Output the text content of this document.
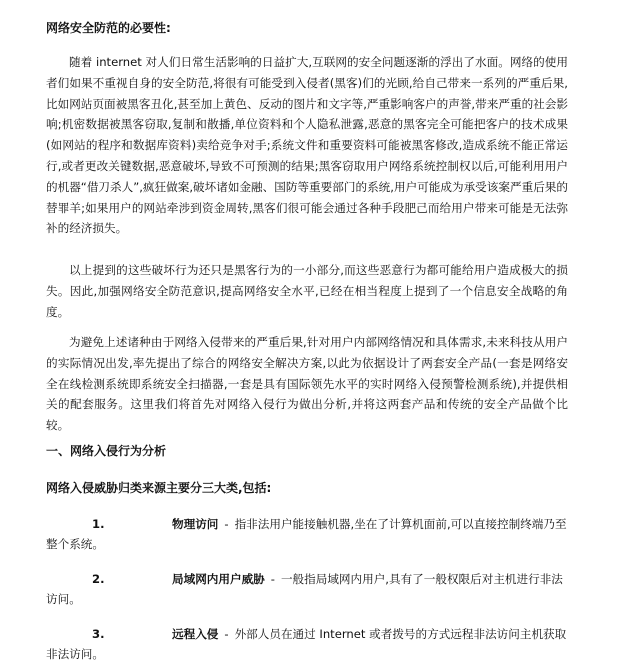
网络安全防范的必要性:

随着 internet 对人们日常生活影响的日益扩大,互联网的安全问题逐渐的浮出了水面。网络的使用者们如果不重视自身的安全防范,将很有可能受到入侵者(黑客)们的光顾,给自己带来一系列的严重后果,比如网站页面被黑客丑化,甚至加上黄色、反动的图片和文字等,严重影响客户的声誉,带来严重的社会影响;机密数据被黑客窃取,复制和散播,单位资料和个人隐私泄露,恶意的黑客完全可能把客户的技术成果(如网站的程序和数据库资料)卖给竞争对手;系统文件和重要资料可能被黑客修改,造成系统不能正常运行,或者更改关键数据,恶意破坏,导致不可预测的结果;黑客窃取用户网络系统控制权以后,可能利用用户的机器“借刀杀人”,疯狂做案,破坏诸如金融、国防等重要部门的系统,用户可能成为承受该案严重后果的替罪羊;如果用户的网站牵涉到资金周转,黑客们很可能会通过各种手段肥己而给用户带来可能是无法弥补的经济损失。

以上提到的这些破坏行为还只是黑客行为的一小部分,而这些恶意行为都可能给用户造成极大的损失。因此,加强网络安全防范意识,提高网络安全水平,已经在相当程度上提到了一个信息安全战略的角度。

为避免上述诸种由于网络入侵带来的严重后果,针对用户内部网络情况和具体需求,未来科技从用户的实际情况出发,率先提出了综合的网络安全解决方案,以此为依据设计了两套安全产品(一套是网络安全在线检测系统即系统安全扫描器,一套是具有国际领先水平的实时网络入侵预警检测系统),并提供相关的配套服务。这里我们将首先对网络入侵行为做出分析,并将这两套产品和传统的安全产品做个比较。

一、网络入侵行为分析
网络入侵威胁归类来源主要分三大类,包括:

1.	物理访问 - 指非法用户能接触机器,坐在了计算机面前,可以直接控制终端乃至整个系统。

2.	局域网内用户威胁 - 一般指局域网内用户,具有了一般权限后对主机进行非法访问。

3.	远程入侵 - 外部人员在通过 Internet 或者拨号的方式远程非法访问主机获取非法访问。
